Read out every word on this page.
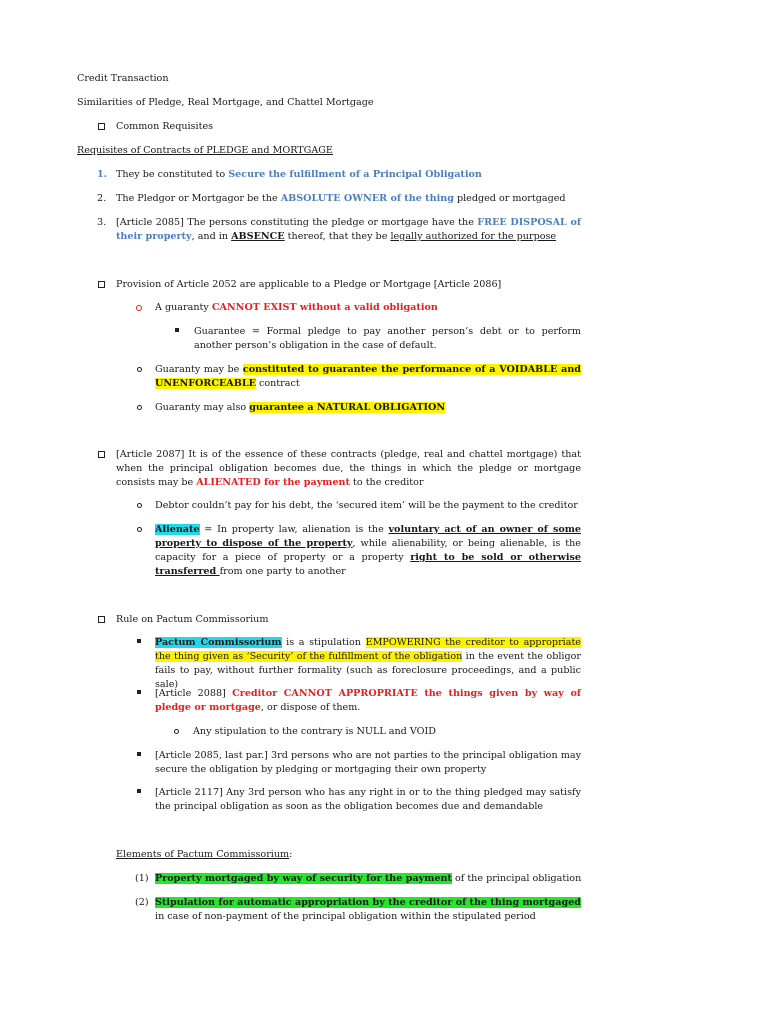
Credit Transaction
Similarities of Pledge, Real Mortgage, and Chattel Mortgage
Common Requisites
Requisites of Contracts of PLEDGE and MORTGAGE
1. They be constituted to Secure the fulfillment of a Principal Obligation
2. The Pledgor or Mortgagor be the ABSOLUTE OWNER of the thing pledged or mortgaged
3. [Article 2085] The persons constituting the pledge or mortgage have the FREE DISPOSAL of their property, and in ABSENCE thereof, that they be legally authorized for the purpose
Provision of Article 2052 are applicable to a Pledge or Mortgage [Article 2086]
A guaranty CANNOT EXIST without a valid obligation
Guarantee = Formal pledge to pay another person’s debt or to perform another person’s obligation in the case of default.
Guaranty may be constituted to guarantee the performance of a VOIDABLE and UNENFORCEABLE contract
Guaranty may also guarantee a NATURAL OBLIGATION
[Article 2087] It is of the essence of these contracts (pledge, real and chattel mortgage) that when the principal obligation becomes due, the things in which the pledge or mortgage consists may be ALIENATED for the payment to the creditor
Debtor couldn’t pay for his debt, the ‘secured item’ will be the payment to the creditor
Alienate = In property law, alienation is the voluntary act of an owner of some property to dispose of the property, while alienability, or being alienable, is the capacity for a piece of property or a property right to be sold or otherwise transferred from one party to another
Rule on Pactum Commissorium
Pactum Commissorium is a stipulation EMPOWERING the creditor to appropriate the thing given as ‘Security’ of the fulfillment of the obligation in the event the obligor fails to pay, without further formality (such as foreclosure proceedings, and a public sale)
[Article 2088] Creditor CANNOT APPROPRIATE the things given by way of pledge or mortgage, or dispose of them.
Any stipulation to the contrary is NULL and VOID
[Article 2085, last par.] 3rd persons who are not parties to the principal obligation may secure the obligation by pledging or mortgaging their own property
[Article 2117] Any 3rd person who has any right in or to the thing pledged may satisfy the principal obligation as soon as the obligation becomes due and demandable
Elements of Pactum Commissorium:
(1) Property mortgaged by way of security for the payment of the principal obligation
(2) Stipulation for automatic appropriation by the creditor of the thing mortgaged in case of non-payment of the principal obligation within the stipulated period
